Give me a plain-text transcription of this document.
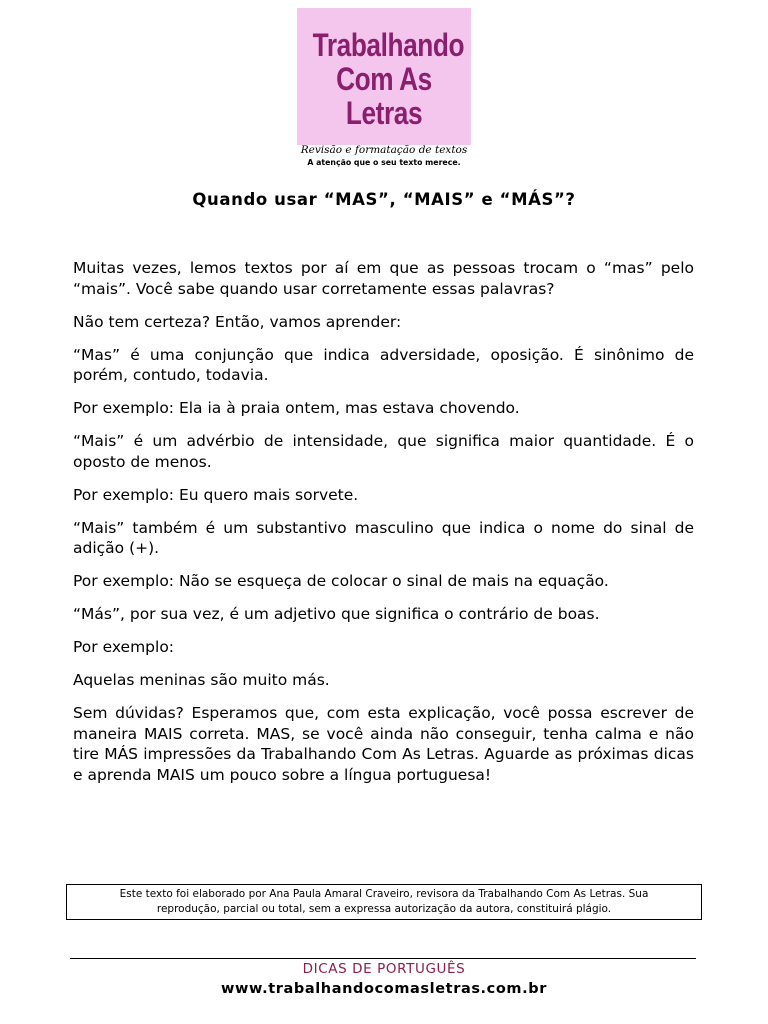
Trabalhando
Com As Letras
Revisão e formatação de textos
A atenção que o seu texto merece.
Quando usar “MAS”, “MAIS” e “MÁS”?

Muitas vezes, lemos textos por aí em que as pessoas trocam o “mas” pelo “mais”. Você sabe quando usar corretamente essas palavras?

Não tem certeza? Então, vamos aprender:

“Mas” é uma conjunção que indica adversidade, oposição. É sinônimo de porém, contudo, todavia.

Por exemplo: Ela ia à praia ontem, mas estava chovendo.

“Mais” é um advérbio de intensidade, que significa maior quantidade. É o oposto de menos.

Por exemplo: Eu quero mais sorvete.

“Mais” também é um substantivo masculino que indica o nome do sinal de adição (+).

Por exemplo: Não se esqueça de colocar o sinal de mais na equação.

“Más”, por sua vez, é um adjetivo que significa o contrário de boas.

Por exemplo:

Aquelas meninas são muito más.

Sem dúvidas? Esperamos que, com esta explicação, você possa escrever de maneira MAIS correta. MAS, se você ainda não conseguir, tenha calma e não tire MÁS impressões da Trabalhando Com As Letras. Aguarde as próximas dicas e aprenda MAIS um pouco sobre a língua portuguesa!

Este texto foi elaborado por Ana Paula Amaral Craveiro, revisora da Trabalhando Com As Letras. Sua
reprodução, parcial ou total, sem a expressa autorização da autora, constituirá plágio.
DICAS DE PORTUGUÊS
www.trabalhandocomasletras.com.br
